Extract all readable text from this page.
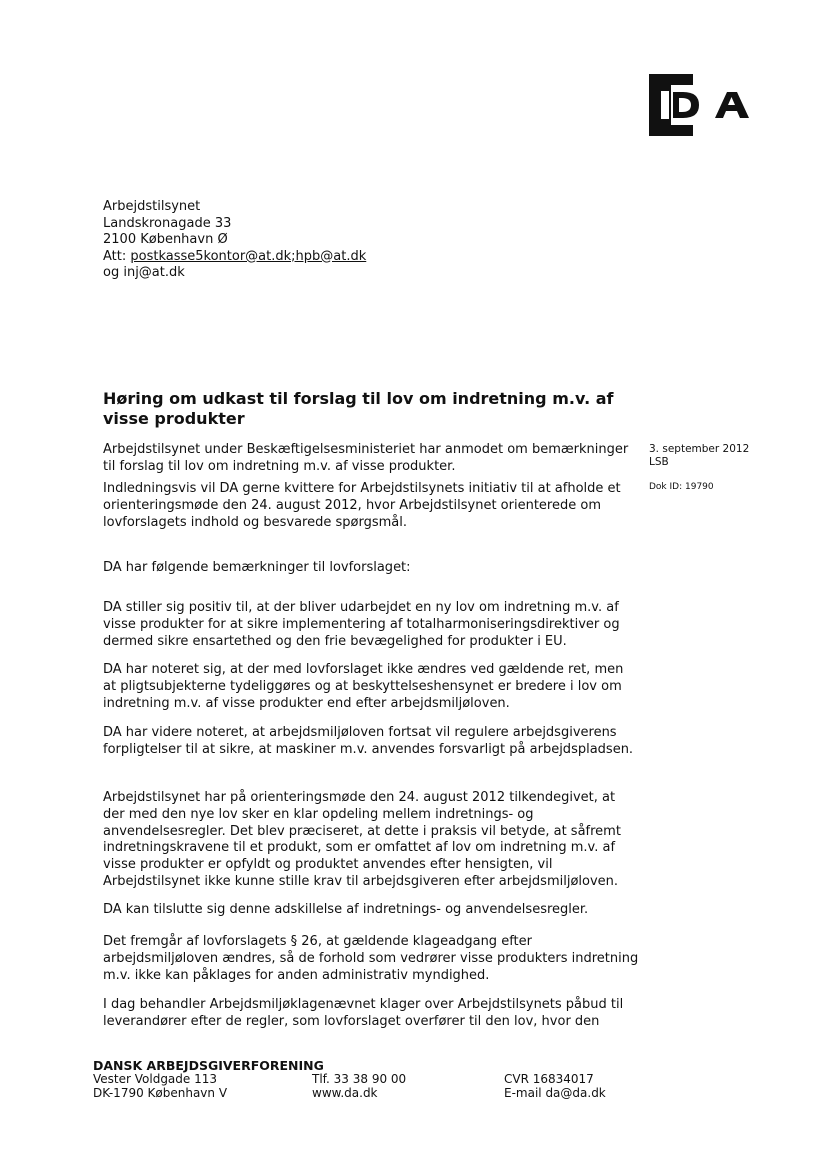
DA
Arbejdstilsynet
Landskronagade 33
2100 København Ø
Att: postkasse5kontor@at.dk;hpb@at.dk
og inj@at.dk
Høring om udkast til forslag til lov om indretning m.v. af visse produkter
3. september 2012
LSB
Dok ID: 19790

Arbejdstilsynet under Beskæftigelsesministeriet har anmodet om bemærkninger til forslag til lov om indretning m.v. af visse produkter.

Indledningsvis vil DA gerne kvittere for Arbejdstilsynets initiativ til at afholde et orienteringsmøde den 24. august 2012, hvor Arbejdstilsynet orienterede om lovforslagets indhold og besvarede spørgsmål.

DA har følgende bemærkninger til lovforslaget:

DA stiller sig positiv til, at der bliver udarbejdet en ny lov om indretning m.v. af visse produkter for at sikre implementering af totalharmoniseringsdirektiver og dermed sikre ensartethed og den frie bevægelighed for produkter i EU.

DA har noteret sig, at der med lovforslaget ikke ændres ved gældende ret, men at pligtsubjekterne tydeliggøres og at beskyttelseshensynet er bredere i lov om indretning m.v. af visse produkter end efter arbejdsmiljøloven.

DA har videre noteret, at arbejdsmiljøloven fortsat vil regulere arbejdsgiverens forpligtelser til at sikre, at maskiner m.v. anvendes forsvarligt på arbejdspladsen.

Arbejdstilsynet har på orienteringsmøde den 24. august 2012 tilkendegivet, at der med den nye lov sker en klar opdeling mellem indretnings- og anvendelsesregler. Det blev præciseret, at dette i praksis vil betyde, at såfremt indretningskravene til et produkt, som er omfattet af lov om indretning m.v. af visse produkter er opfyldt og produktet anvendes efter hensigten, vil Arbejdstilsynet ikke kunne stille krav til arbejdsgiveren efter arbejdsmiljøloven.

DA kan tilslutte sig denne adskillelse af indretnings- og anvendelsesregler.

Det fremgår af lovforslagets § 26, at gældende klageadgang efter arbejdsmiljøloven ændres, så de forhold som vedrører visse produkters indretning m.v. ikke kan påklages for anden administrativ myndighed.

I dag behandler Arbejdsmiljøklagenævnet klager over Arbejdstilsynets påbud til leverandører efter de regler, som lovforslaget overfører til den lov, hvor den

DANSK ARBEJDSGIVERFORENING
Vester Voldgade 113
DK-1790 København V
Tlf. 33 38 90 00
www.da.dk
CVR 16834017
E-mail da@da.dk
